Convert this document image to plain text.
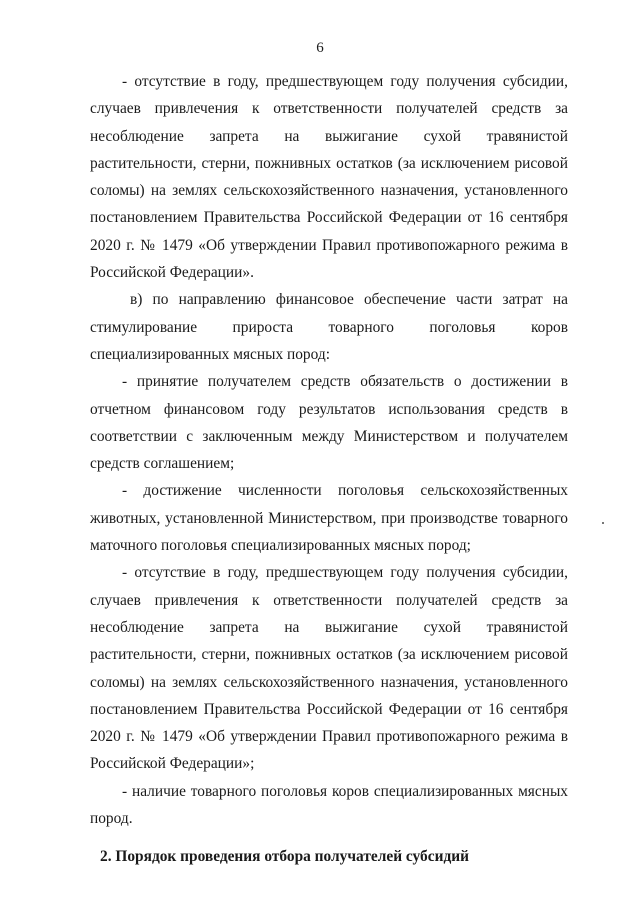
6

- отсутствие в году, предшествующем году получения субсидии, случаев привлечения к ответственности получателей средств за несоблюдение запрета на выжигание сухой травянистой растительности, стерни, пожнивных остатков (за исключением рисовой соломы) на землях сельскохозяйственного назначения, установленного постановлением Правительства Российской Федерации от 16 сентября 2020 г. № 1479 «Об утверждении Правил противопожарного режима в Российской Федерации».

в) по направлению финансовое обеспечение части затрат на стимулирование прироста товарного поголовья коров специализированных мясных пород:

- принятие получателем средств обязательств о достижении в отчетном финансовом году результатов использования средств в соответствии с заключенным между Министерством и получателем средств соглашением;

- достижение численности поголовья сельскохозяйственных животных, установленной Министерством, при производстве товарного маточного поголовья специализированных мясных пород;

- отсутствие в году, предшествующем году получения субсидии, случаев привлечения к ответственности получателей средств за несоблюдение запрета на выжигание сухой травянистой растительности, стерни, пожнивных остатков (за исключением рисовой соломы) на землях сельскохозяйственного назначения, установленного постановлением Правительства Российской Федерации от 16 сентября 2020 г. № 1479 «Об утверждении Правил противопожарного режима в Российской Федерации»;

- наличие товарного поголовья коров специализированных мясных пород.

2. Порядок проведения отбора получателей субсидий
